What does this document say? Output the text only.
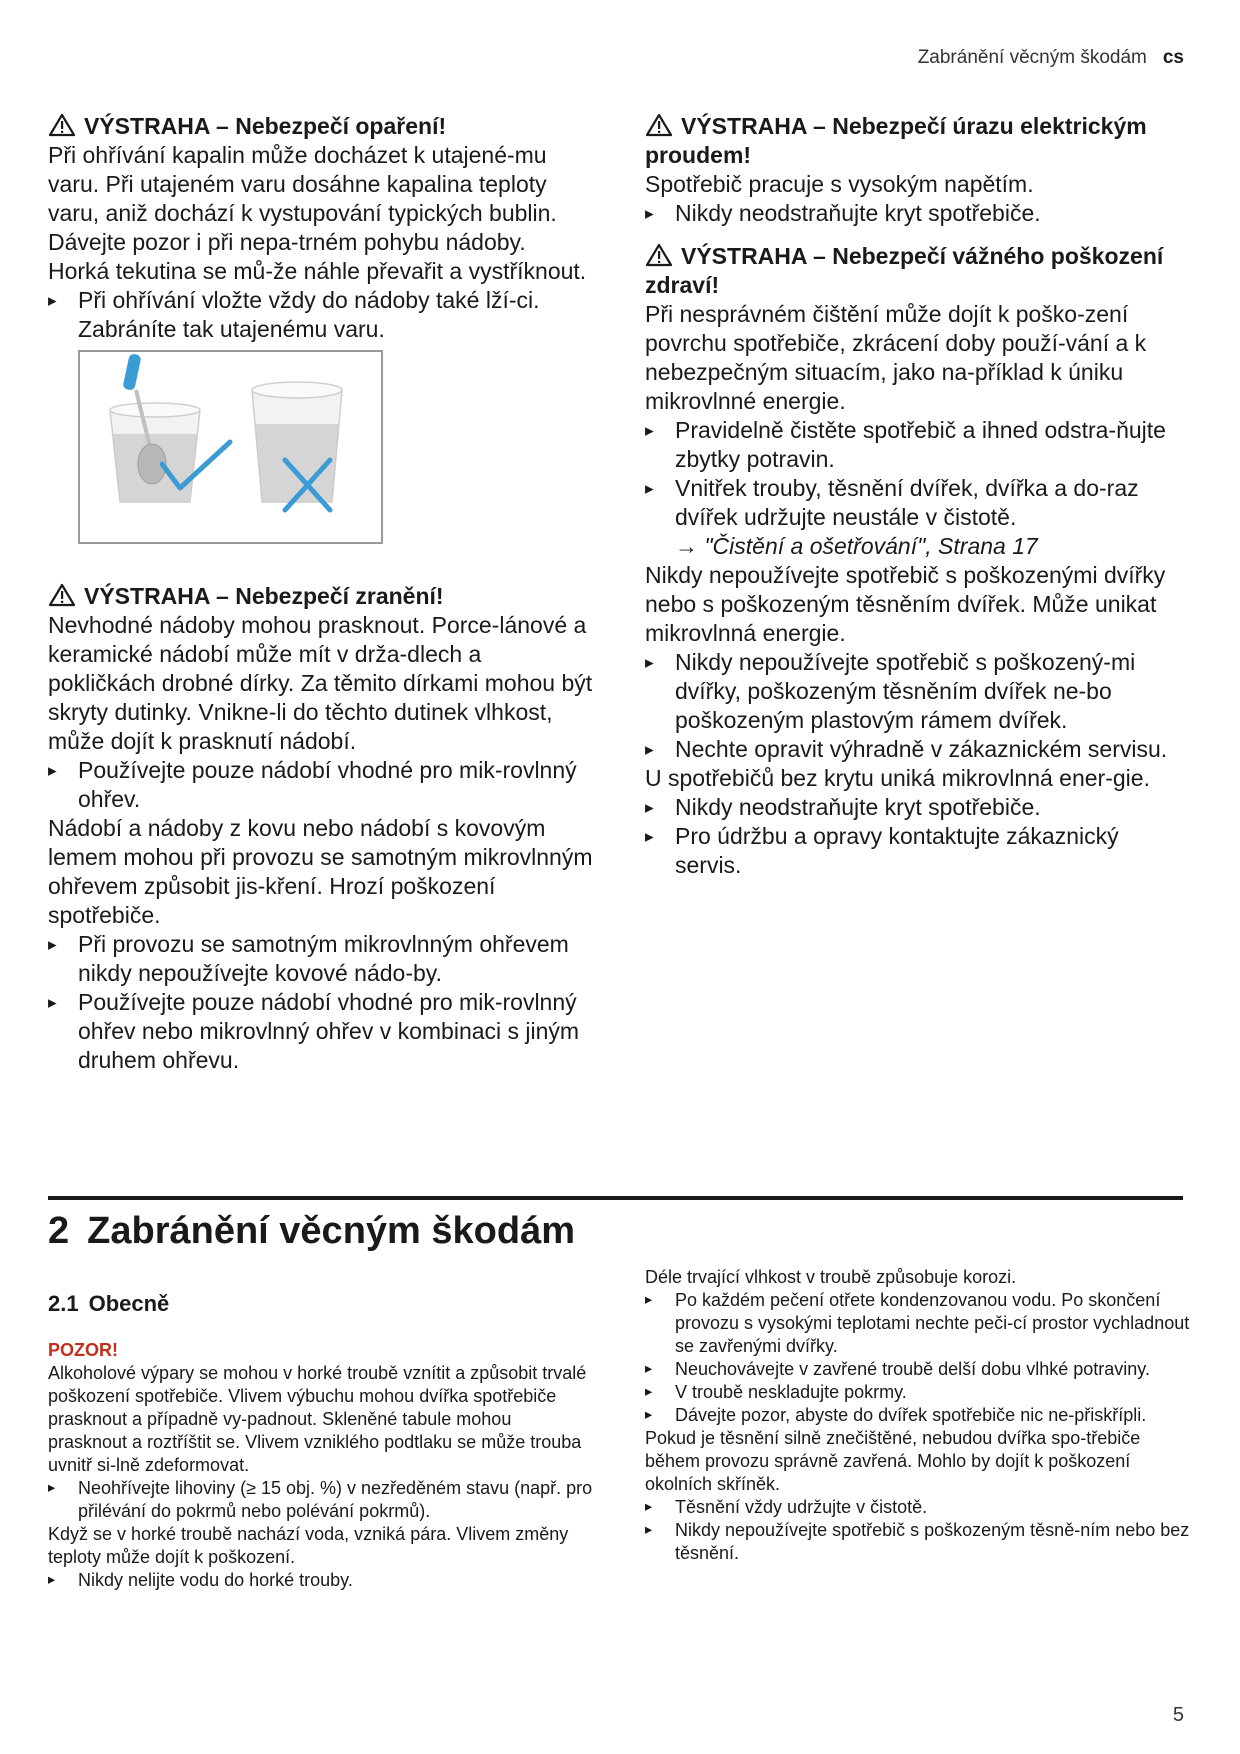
Zabránění věcným škodám cs
VÝSTRAHA – Nebezpečí opaření!

Při ohřívání kapalin může docházet k utajené-mu varu. Při utajeném varu dosáhne kapalina teploty varu, aniž dochází k vystupování typických bublin. Dávejte pozor i při nepa-trném pohybu nádoby. Horká tekutina se mů-že náhle převařit a vystříknout.

▸ Při ohřívání vložte vždy do nádoby také lží-ci. Zabráníte tak utajenému varu.
VÝSTRAHA – Nebezpečí zranění!

Nevhodné nádoby mohou prasknout. Porce-lánové a keramické nádobí může mít v drža-dlech a pokličkách drobné dírky. Za těmito dírkami mohou být skryty dutinky. Vnikne-li do těchto dutinek vlhkost, může dojít k prasknutí nádobí.

▸ Používejte pouze nádobí vhodné pro mik-rovlnný ohřev.

Nádobí a nádoby z kovu nebo nádobí s kovovým lemem mohou při provozu se samotným mikrovlnným ohřevem způsobit jis-kření. Hrozí poškození spotřebiče.

▸ Při provozu se samotným mikrovlnným ohřevem nikdy nepoužívejte kovové nádo-by.
▸ Používejte pouze nádobí vhodné pro mik-rovlnný ohřev nebo mikrovlnný ohřev v kombinaci s jiným druhem ohřevu.
VÝSTRAHA – Nebezpečí úrazu elektrickým proudem!

Spotřebič pracuje s vysokým napětím.

▸ Nikdy neodstraňujte kryt spotřebiče.
VÝSTRAHA – Nebezpečí vážného poškození zdraví!

Při nesprávném čištění může dojít k poško-zení povrchu spotřebiče, zkrácení doby použí-vání a k nebezpečným situacím, jako na-příklad k úniku mikrovlnné energie.

▸ Pravidelně čistěte spotřebič a ihned odstra-ňujte zbytky potravin.
▸ Vnitřek trouby, těsnění dvířek, dvířka a do-raz dvířek udržujte neustále v čistotě.
→ "Čistění a ošetřování", Strana 17

Nikdy nepoužívejte spotřebič s poškozenými dvířky nebo s poškozeným těsněním dvířek. Může unikat mikrovlnná energie.

▸ Nikdy nepoužívejte spotřebič s poškozený-mi dvířky, poškozeným těsněním dvířek ne-bo poškozeným plastovým rámem dvířek.
▸ Nechte opravit výhradně v zákaznickém servisu.

U spotřebičů bez krytu uniká mikrovlnná ener-gie.

▸ Nikdy neodstraňujte kryt spotřebiče.
▸ Pro údržbu a opravy kontaktujte zákaznický servis.
2 Zabránění věcným škodám
2.1 Obecně
POZOR!

Alkoholové výpary se mohou v horké troubě vznítit a způsobit trvalé poškození spotřebiče. Vlivem výbuchu mohou dvířka spotřebiče prasknout a případně vy-padnout. Skleněné tabule mohou prasknout a roztříštit se. Vlivem vzniklého podtlaku se může trouba uvnitř si-lně zdeformovat.

▸ Neohřívejte lihoviny (≥ 15 obj. %) v nezředěném stavu (např. pro přilévání do pokrmů nebo polévání pokrmů).

Když se v horké troubě nachází voda, vzniká pára. Vlivem změny teploty může dojít k poškození.

▸ Nikdy nelijte vodu do horké trouby.

Déle trvající vlhkost v troubě způsobuje korozi.

▸ Po každém pečení otřete kondenzovanou vodu. Po skončení provozu s vysokými teplotami nechte peči-cí prostor vychladnout se zavřenými dvířky.
▸ Neuchovávejte v zavřené troubě delší dobu vlhké potraviny.
▸ V troubě neskladujte pokrmy.
▸ Dávejte pozor, abyste do dvířek spotřebiče nic ne-přiskřípli.

Pokud je těsnění silně znečištěné, nebudou dvířka spo-třebiče během provozu správně zavřená. Mohlo by dojít k poškození okolních skříněk.

▸ Těsnění vždy udržujte v čistotě.
▸ Nikdy nepoužívejte spotřebič s poškozeným těsně-ním nebo bez těsnění.
5
